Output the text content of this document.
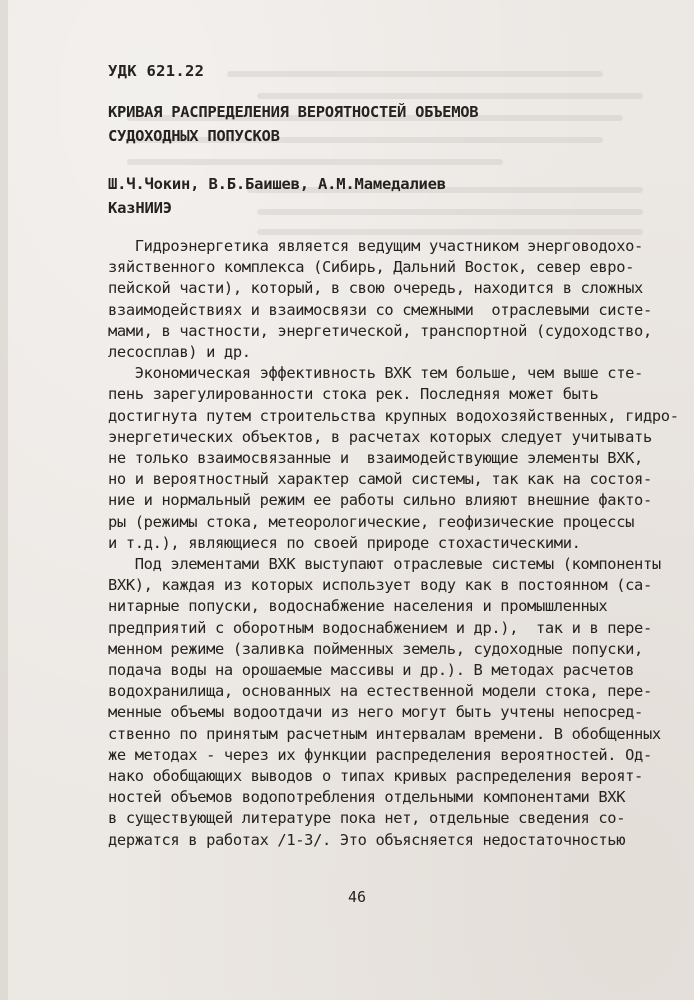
УДК 621.22
КРИВАЯ РАСПРЕДЕЛЕНИЯ ВЕРОЯТНОСТЕЙ ОБЪЕМОВ
СУДОХОДНЫХ ПОПУСКОВ
Ш.Ч.Чокин, В.Б.Баишев, А.М.Мамедалиев
КазНИИЭ
Гидроэнергетика является ведущим участником энерговодохо-
зяйственного комплекса (Сибирь, Дальний Восток, север евро-
пейской части), который, в свою очередь, находится в сложных
взаимодействиях и взаимосвязи со смежными  отраслевыми систе-
мами, в частности, энергетической, транспортной (судоходство,
лесосплав) и др.
Экономическая эффективность ВХК тем больше, чем выше сте-
пень зарегулированности стока рек. Последняя может быть
достигнута путем строительства крупных водохозяйственных, гидро-
энергетических объектов, в расчетах которых следует учитывать
не только взаимосвязанные и  взаимодействующие элементы ВХК,
но и вероятностный характер самой системы, так как на состоя-
ние и нормальный режим ее работы сильно влияют внешние факто-
ры (режимы стока, метеорологические, геофизические процессы
и т.д.), являющиеся по своей природе стохастическими.
Под элементами ВХК выступают отраслевые системы (компоненты
ВХК), каждая из которых использует воду как в постоянном (са-
нитарные попуски, водоснабжение населения и промышленных
предприятий с оборотным водоснабжением и др.),  так и в пере-
менном режиме (заливка пойменных земель, судоходные попуски,
подача воды на орошаемые массивы и др.). В методах расчетов
водохранилища, основанных на естественной модели стока, пере-
менные объемы водоотдачи из него могут быть учтены непосред-
ственно по принятым расчетным интервалам времени. В обобщенных
же методах - через их функции распределения вероятностей. Од-
нако обобщающих выводов о типах кривых распределения вероят-
ностей объемов водопотребления отдельными компонентами ВХК
в существующей литературе пока нет, отдельные сведения со-
держатся в работах /1-3/. Это объясняется недостаточностью
46
